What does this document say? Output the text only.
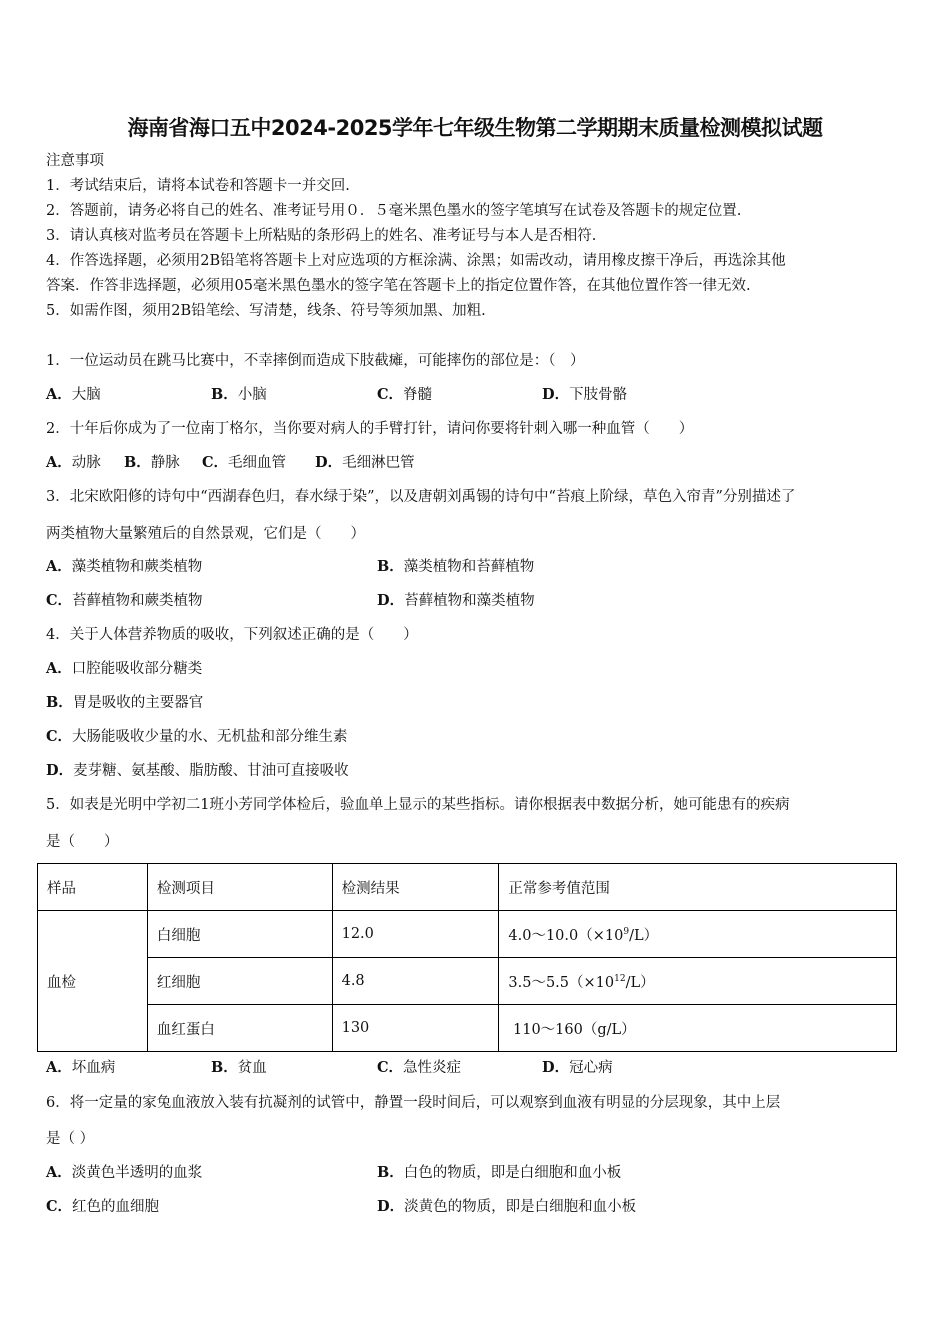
海南省海口五中2024-2025学年七年级生物第二学期期末质量检测模拟试题
注意事项
1．考试结束后，请将本试卷和答题卡一并交回.
2．答题前，请务必将自己的姓名、准考证号用０．５毫米黑色墨水的签字笔填写在试卷及答题卡的规定位置.
3．请认真核对监考员在答题卡上所粘贴的条形码上的姓名、准考证号与本人是否相符.
4．作答选择题，必须用2B铅笔将答题卡上对应选项的方框涂满、涂黑；如需改动，请用橡皮擦干净后，再选涂其他
答案．作答非选择题，必须用05毫米黑色墨水的签字笔在答题卡上的指定位置作答，在其他位置作答一律无效.
5．如需作图，须用2B铅笔绘、写清楚，线条、符号等须加黑、加粗.
1．一位运动员在跳马比赛中，不幸摔倒而造成下肢截瘫，可能摔伤的部位是：（　）
A．大脑	B．小脑	C．脊髓	D．下肢骨骼
2．十年后你成为了一位南丁格尔，当你要对病人的手臂打针，请问你要将针刺入哪一种血管（　　）
A．动脉 B．静脉 C．毛细血管 D．毛细淋巴管
3．北宋欧阳修的诗句中“西湖春色归，春水绿于染”，以及唐朝刘禹锡的诗句中“苔痕上阶绿，草色入帘青”分别描述了
两类植物大量繁殖后的自然景观，它们是（　　）
A．藻类植物和蕨类植物	B．藻类植物和苔藓植物
C．苔藓植物和蕨类植物	D．苔藓植物和藻类植物
4．关于人体营养物质的吸收，下列叙述正确的是（　　）
A．口腔能吸收部分糖类
B．胃是吸收的主要器官
C．大肠能吸收少量的水、无机盐和部分维生素
D．麦芽糖、氨基酸、脂肪酸、甘油可直接吸收
5．如表是光明中学初二1班小芳同学体检后，验血单上显示的某些指标。请你根据表中数据分析，她可能患有的疾病
是（　　）
样品	检测项目	检测结果	正常参考值范围
血检	白细胞	12.0	$4.0\sim 10.0(\times 10^9/L)$
	红细胞	4.8	$3.5\sim 5.5(\times 10^{12}/L)$
	血红蛋白	130	110～160（g/L）
A．坏血病	B．贫血	C．急性炎症	D．冠心病
6．将一定量的家兔血液放入装有抗凝剂的试管中，静置一段时间后，可以观察到血液有明显的分层现象，其中上层
是（ ）
A．淡黄色半透明的血浆	B．白色的物质，即是白细胞和血小板
C．红色的血细胞	D．淡黄色的物质，即是白细胞和血小板
